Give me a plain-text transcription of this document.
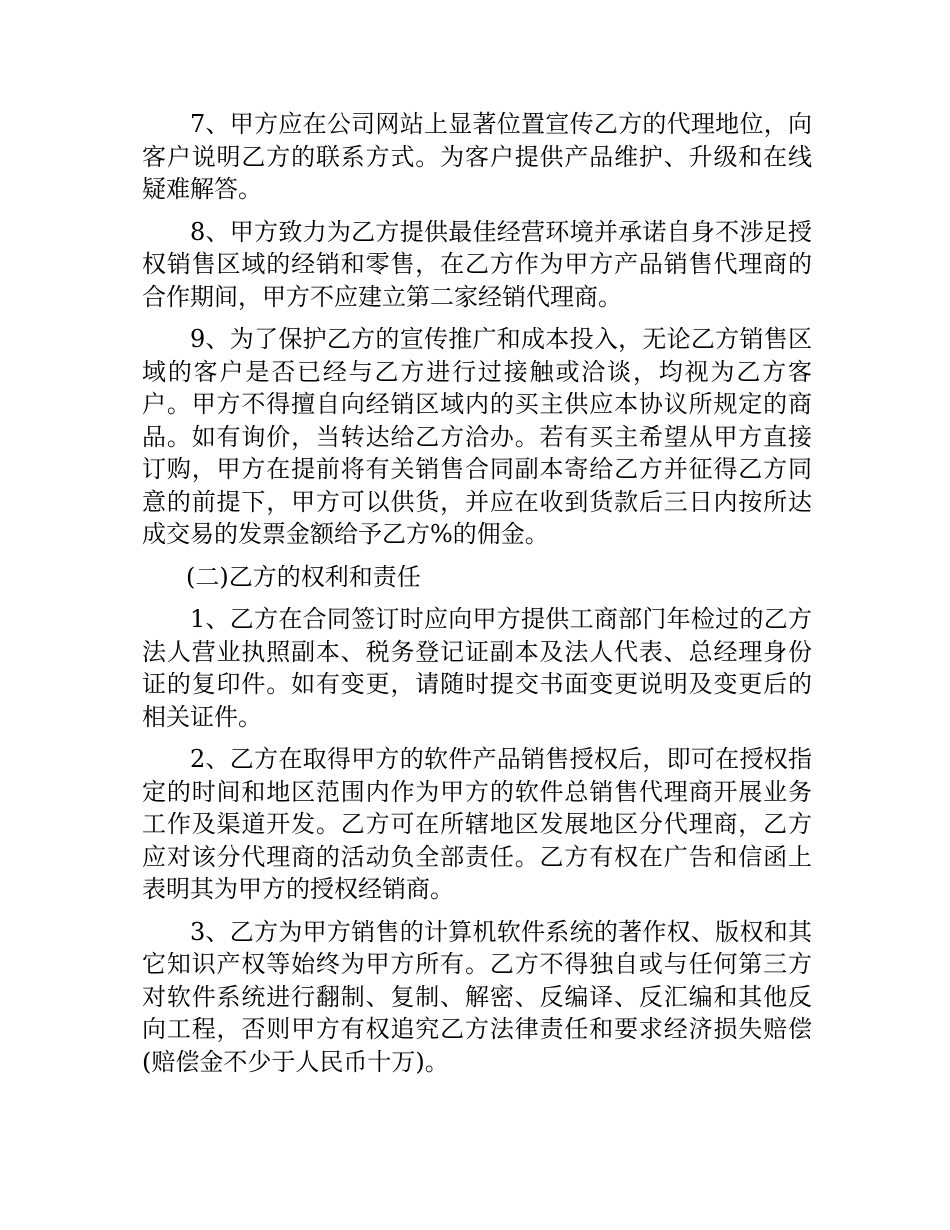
7、甲方应在公司网站上显著位置宣传乙方的代理地位，向客户说明乙方的联系方式。为客户提供产品维护、升级和在线疑难解答。

8、甲方致力为乙方提供最佳经营环境并承诺自身不涉足授权销售区域的经销和零售，在乙方作为甲方产品销售代理商的合作期间，甲方不应建立第二家经销代理商。

9、为了保护乙方的宣传推广和成本投入，无论乙方销售区域的客户是否已经与乙方进行过接触或洽谈，均视为乙方客户。甲方不得擅自向经销区域内的买主供应本协议所规定的商品。如有询价，当转达给乙方洽办。若有买主希望从甲方直接订购，甲方在提前将有关销售合同副本寄给乙方并征得乙方同意的前提下，甲方可以供货，并应在收到货款后三日内按所达成交易的发票金额给予乙方%的佣金。

(二)乙方的权利和责任

1、乙方在合同签订时应向甲方提供工商部门年检过的乙方法人营业执照副本、税务登记证副本及法人代表、总经理身份证的复印件。如有变更，请随时提交书面变更说明及变更后的相关证件。

2、乙方在取得甲方的软件产品销售授权后，即可在授权指定的时间和地区范围内作为甲方的软件总销售代理商开展业务工作及渠道开发。乙方可在所辖地区发展地区分代理商，乙方应对该分代理商的活动负全部责任。乙方有权在广告和信函上表明其为甲方的授权经销商。

3、乙方为甲方销售的计算机软件系统的著作权、版权和其它知识产权等始终为甲方所有。乙方不得独自或与任何第三方对软件系统进行翻制、复制、解密、反编译、反汇编和其他反向工程，否则甲方有权追究乙方法律责任和要求经济损失赔偿(赔偿金不少于人民币十万)。
